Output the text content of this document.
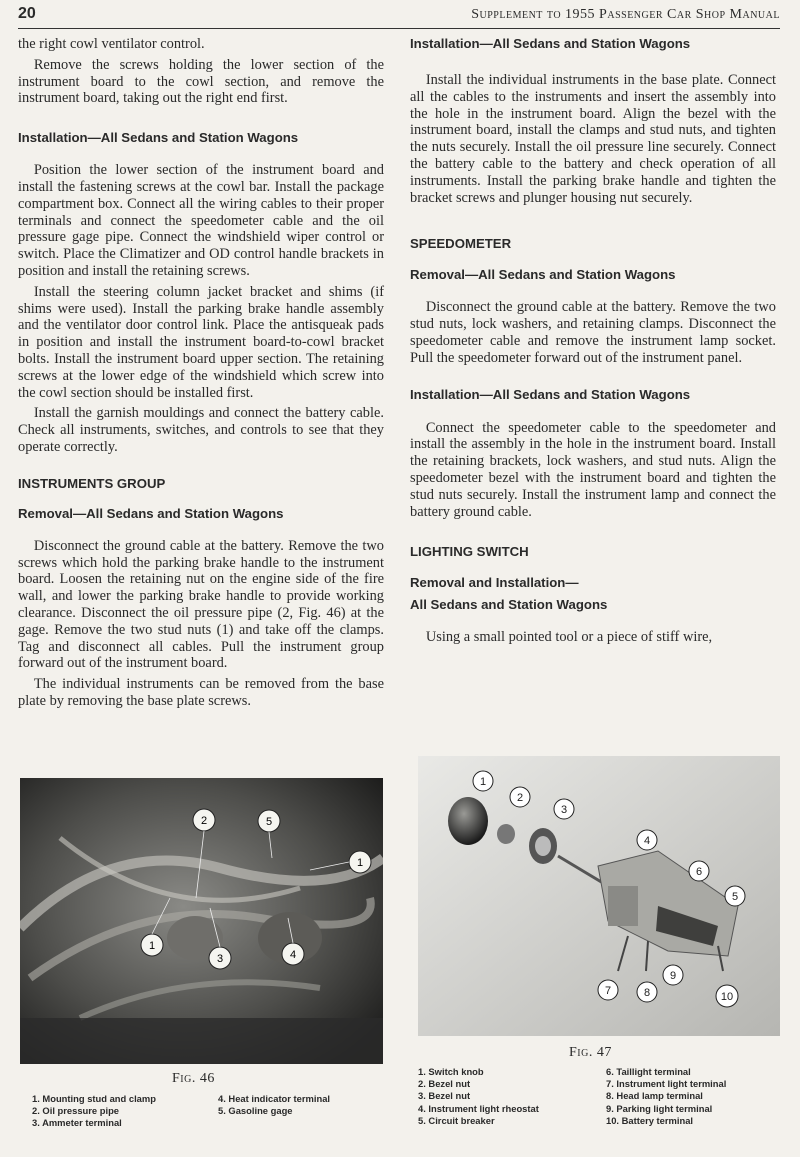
20	Supplement to 1955 Passenger Car Shop Manual

the right cowl ventilator control.

Remove the screws holding the lower section of the instrument board to the cowl section, and remove the instrument board, taking out the right end first.

Installation—All Sedans and Station Wagons

Position the lower section of the instrument board and install the fastening screws at the cowl bar. Install the package compartment box. Connect all the wiring cables to their proper terminals and connect the speedometer cable and the oil pressure gage pipe. Connect the windshield wiper control or switch. Place the Climatizer and OD control handle brackets in position and install the retaining screws.

Install the steering column jacket bracket and shims (if shims were used). Install the parking brake handle assembly and the ventilator door control link. Place the antisqueak pads in position and install the instrument board-to-cowl bracket bolts. Install the instrument board upper section. The retaining screws at the lower edge of the windshield which screw into the cowl section should be installed first.

Install the garnish mouldings and connect the battery cable. Check all instruments, switches, and controls to see that they operate correctly.

INSTRUMENTS GROUP
Removal—All Sedans and Station Wagons

Disconnect the ground cable at the battery. Remove the two screws which hold the parking brake handle to the instrument board. Loosen the retaining nut on the engine side of the fire wall, and lower the parking brake handle to provide working clearance. Disconnect the oil pressure pipe (2, Fig. 46) at the gage. Remove the two stud nuts (1) and take off the clamps. Tag and disconnect all cables. Pull the instrument group forward out of the instrument board.

The individual instruments can be removed from the base plate by removing the base plate screws.

Installation—All Sedans and Station Wagons

Install the individual instruments in the base plate. Connect all the cables to the instruments and insert the assembly into the hole in the instrument board. Align the bezel with the instrument board, install the clamps and stud nuts, and tighten the nuts securely. Install the oil pressure line securely. Connect the battery cable to the battery and check operation of all instruments. Install the parking brake handle and tighten the bracket screws and plunger housing nut securely.

SPEEDOMETER
Removal—All Sedans and Station Wagons

Disconnect the ground cable at the battery. Remove the two stud nuts, lock washers, and retaining clamps. Disconnect the speedometer cable and remove the instrument lamp socket. Pull the speedometer forward out of the instrument panel.

Installation—All Sedans and Station Wagons

Connect the speedometer cable to the speedometer and install the assembly in the hole in the instrument board. Install the retaining brackets, lock washers, and stud nuts. Align the speedometer bezel with the instrument board and tighten the stud nuts securely. Install the instrument lamp and connect the battery ground cable.

LIGHTING SWITCH
Removal and Installation—
All Sedans and Station Wagons

Using a small pointed tool or a piece of stiff wire,

1
2	5
3	4
1
Fig. 46
1. Mounting stud and clamp
2. Oil pressure pipe
3. Ammeter terminal
4. Heat indicator terminal
5. Gasoline gage
1
2
3
4
5
6
7	8
9
10
Fig. 47
1. Switch knob
2. Bezel nut
3. Bezel nut
4. Instrument light rheostat
5. Circuit breaker
6. Taillight terminal
7. Instrument light terminal
8. Head lamp terminal
9. Parking light terminal
10. Battery terminal
